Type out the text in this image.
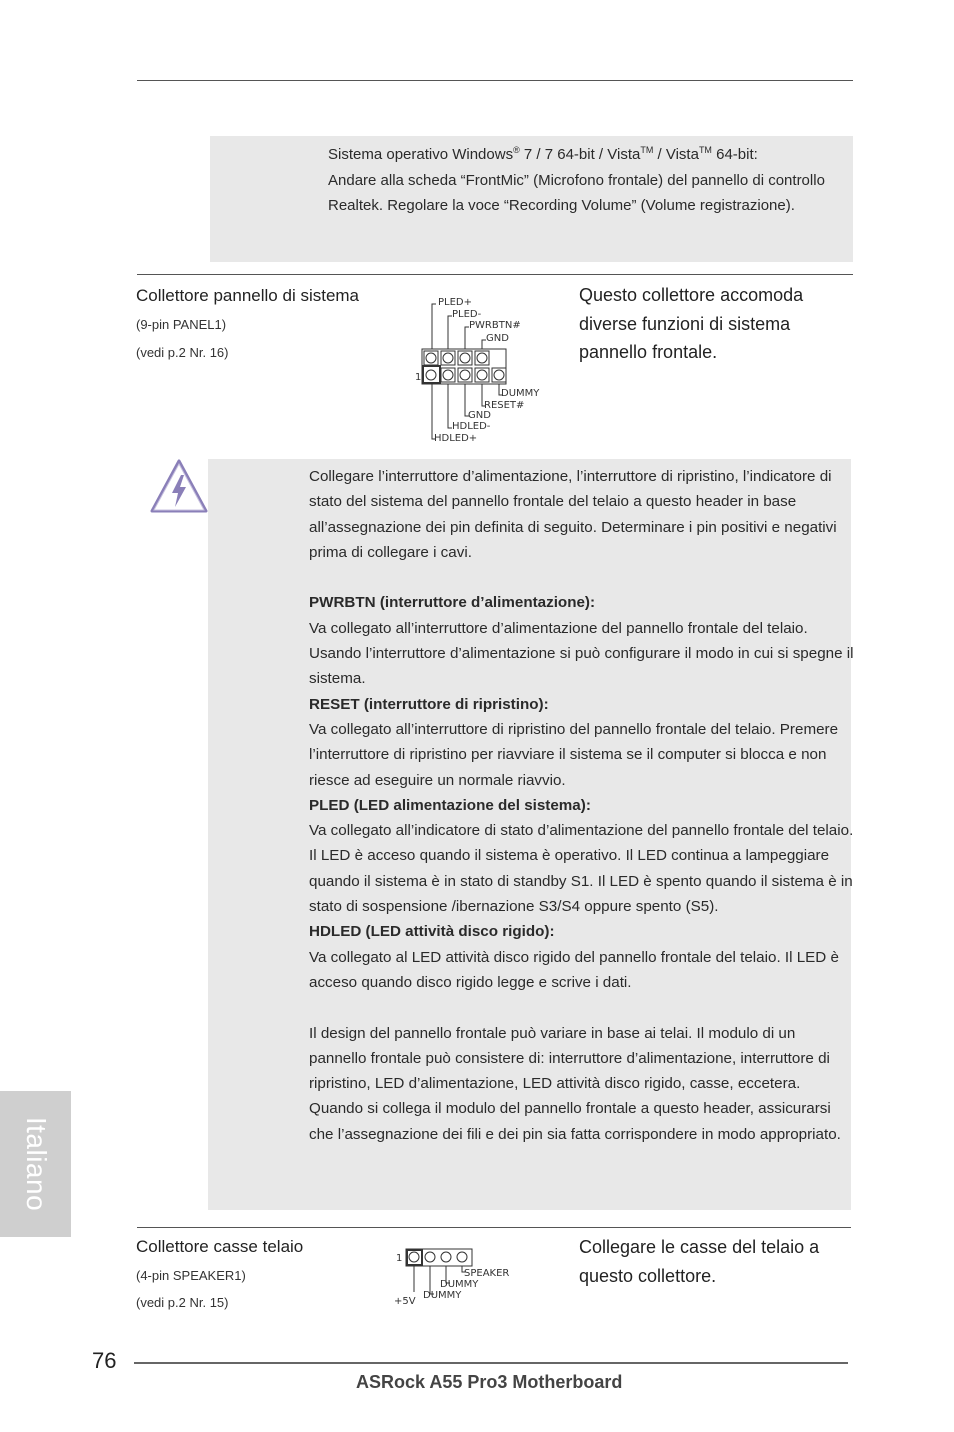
Sistema operativo Windows® 7 / 7 64-bit / Vista™ / Vista™ 64-bit:

Andare alla scheda “FrontMic” (Microfono frontale) del pannello di controllo Realtek. Regolare la voce “Recording Volume” (Volume registrazione).

Collettore pannello di sistema
(9-pin PANEL1)
(vedi p.2 Nr. 16)
Questo collettore accomoda diverse funzioni di sistema pannello frontale.
PLED+
PLED-
PWRBTN#
GND
DUMMY
RESET#
GND
HDLED-
HDLED+
1

Collegare l’interruttore d’alimentazione, l’interruttore di ripristino, l’indicatore di stato del sistema del pannello frontale del telaio a questo header in base all’assegnazione dei pin definita di seguito. Determinare i pin positivi e negativi prima di collegare i cavi.

PWRBTN (interruttore d’alimentazione):

Va collegato all’interruttore d’alimentazione del pannello frontale del telaio. Usando l’interruttore d’alimentazione si può configurare il modo in cui si spegne il sistema.

RESET (interruttore di ripristino):

Va collegato all’interruttore di ripristino del pannello frontale del telaio. Premere l’interruttore di ripristino per riavviare il sistema se il computer si blocca e non riesce ad eseguire un normale riavvio.

PLED (LED alimentazione del sistema):

Va collegato all’indicatore di stato d’alimentazione del pannello frontale del telaio. Il LED è acceso quando il sistema è operativo. Il LED continua a lampeggiare quando il sistema è in stato di standby S1. Il LED è spento quando il sistema è in stato di sospensione /ibernazione S3/S4 oppure spento (S5).

HDLED (LED attività disco rigido):

Va collegato al LED attività disco rigido del pannello frontale del telaio. Il LED è acceso quando disco rigido legge e scrive i dati.

Il design del pannello frontale può variare in base ai telai. Il modulo di un pannello frontale può consistere di: interruttore d’alimentazione, interruttore di ripristino, LED d’alimentazione, LED attività disco rigido, casse, eccetera. Quando si collega il modulo del pannello frontale a questo header, assicurarsi che l’assegnazione dei fili e dei pin sia fatta corrispondere in modo appropriato.

Collettore casse telaio
(4-pin SPEAKER1)
(vedi p.2 Nr. 15)
Collegare le casse del telaio a questo collettore.
1
SPEAKER
DUMMY
+5V
DUMMY
Italiano
76
ASRock A55 Pro3 Motherboard
